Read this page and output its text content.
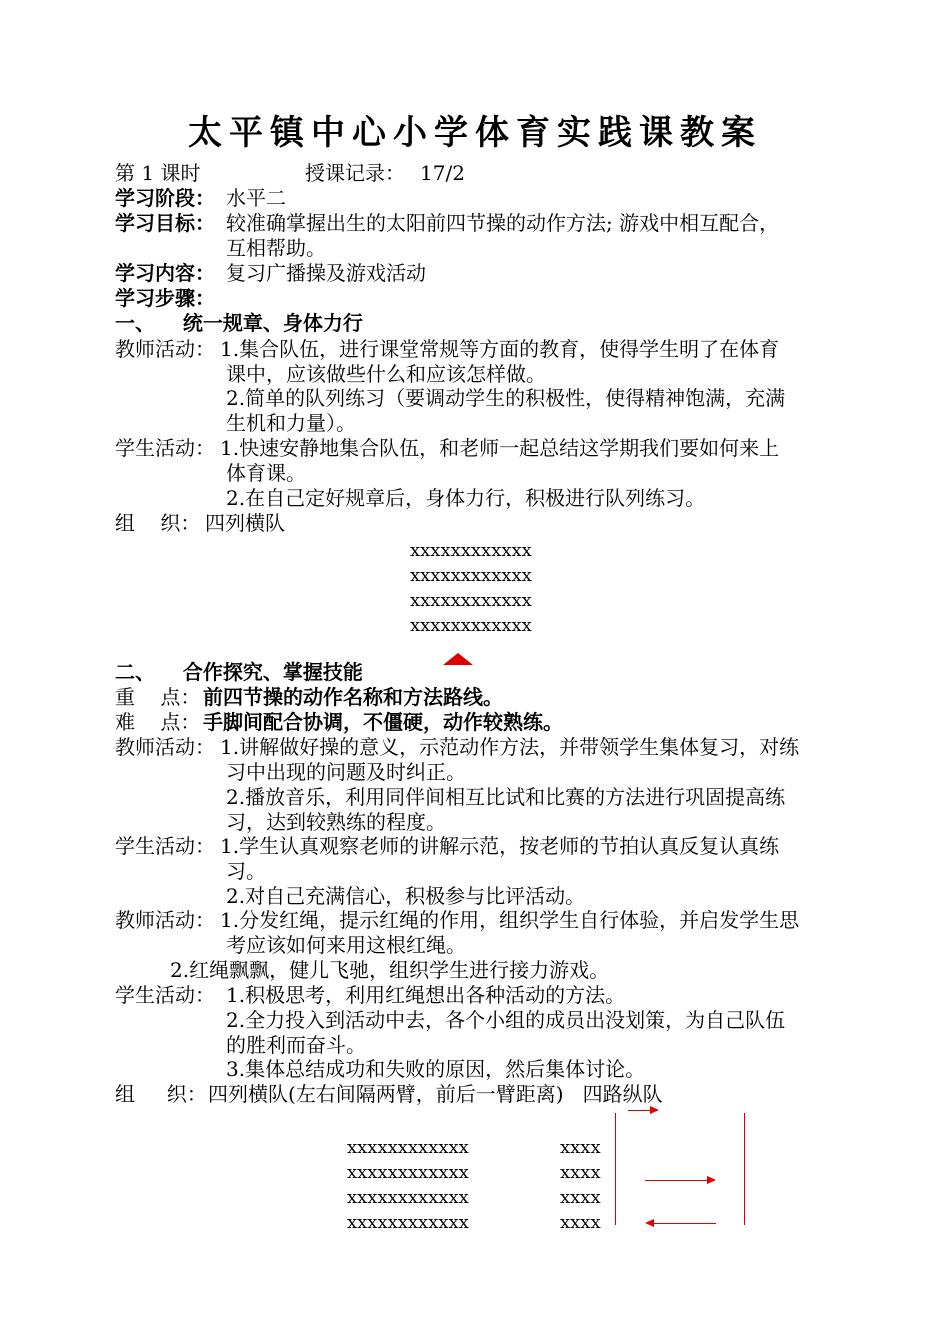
太平镇中心小学体育实践课教案
第 1 课时	授课记录： 17/2
学习阶段： 水平二
学习目标： 较准确掌握出生的太阳前四节操的动作方法; 游戏中相互配合，
互相帮助。
学习内容： 复习广播操及游戏活动
学习步骤：
一、    统一规章、身体力行
教师活动： 1.集合队伍，进行课堂常规等方面的教育，使得学生明了在体育
课中，应该做些什么和应该怎样做。
2.简单的队列练习（要调动学生的积极性，使得精神饱满，充满
生机和力量）。
学生活动： 1.快速安静地集合队伍，和老师一起总结这学期我们要如何来上
体育课。
2.在自己定好规章后，身体力行，积极进行队列练习。
组    织： 四列横队
xxxxxxxxxxxx
xxxxxxxxxxxx
xxxxxxxxxxxx
xxxxxxxxxxxx
二、    合作探究、掌握技能
重    点： 前四节操的动作名称和方法路线。
难    点： 手脚间配合协调，不僵硬，动作较熟练。
教师活动： 1.讲解做好操的意义，示范动作方法，并带领学生集体复习，对练
习中出现的问题及时纠正。
2.播放音乐，利用同伴间相互比试和比赛的方法进行巩固提高练
习，达到较熟练的程度。
学生活动： 1.学生认真观察老师的讲解示范，按老师的节拍认真反复认真练
习。
2.对自己充满信心，积极参与比评活动。
教师活动： 1.分发红绳，提示红绳的作用，组织学生自行体验，并启发学生思
考应该如何来用这根红绳。
2.红绳飘飘，健儿飞驰，组织学生进行接力游戏。
学生活动： 1.积极思考，利用红绳想出各种活动的方法。
2.全力投入到活动中去，各个小组的成员出没划策，为自己队伍
的胜利而奋斗。
3.集体总结成功和失败的原因，然后集体讨论。
组     织： 四列横队(左右间隔两臂，前后一臂距离)   四路纵队
xxxxxxxxxxxx
xxxxxxxxxxxx
xxxxxxxxxxxx
xxxxxxxxxxxx
xxxx
xxxx
xxxx
xxxx
